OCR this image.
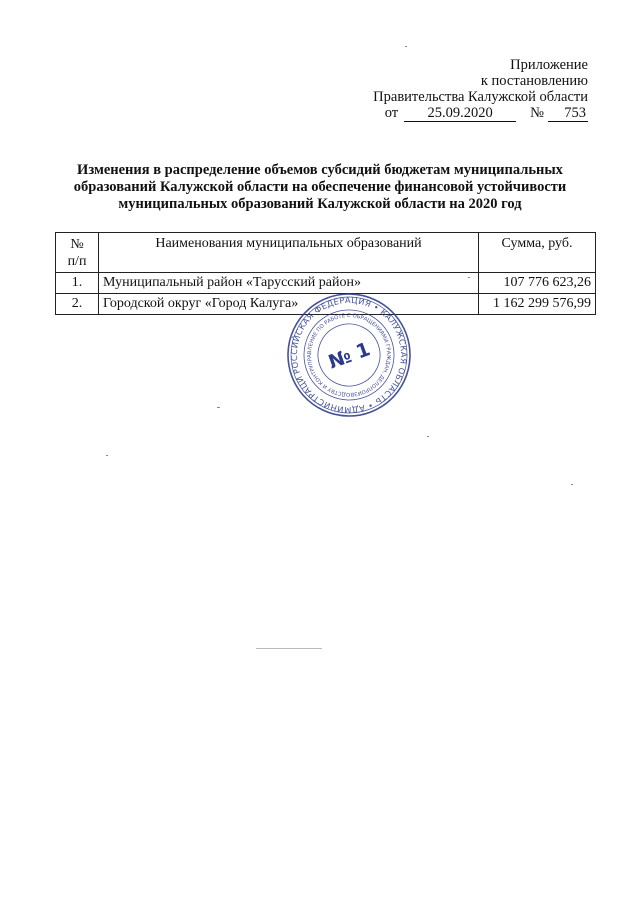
Приложение
к постановлению
Правительства Калужской области
от 25.09.2020	№ 753
Изменения в распределение объемов субсидий бюджетам муниципальных
образований Калужской области на обеспечение финансовой устойчивости
муниципальных образований Калужской области на 2020 год
№
п/п	Наименования муниципальных образований	Сумма, руб.
1.	Муниципальный район «Тарусский район»	107 776 623,26
2.	Городской округ «Город Калуга»	1 162 299 576,99
РОССИЙСКАЯ ФЕДЕРАЦИЯ • КАЛУЖСКАЯ ОБЛАСТЬ • АДМИНИСТРАЦИЯ
УПРАВЛЕНИЕ ПО РАБОТЕ С ОБРАЩЕНИЯМИ ГРАЖДАН, ДЕЛОПРОИЗВОДСТВУ И КОНТРОЛЮ
№ 1
